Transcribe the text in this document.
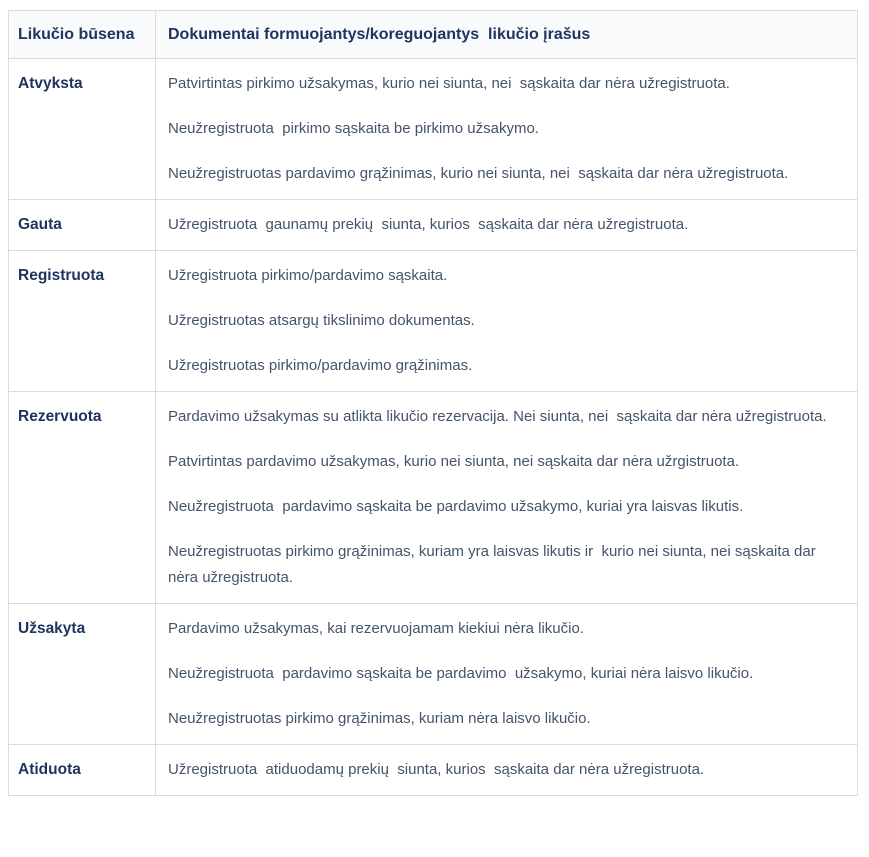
Likučio būsena	Dokumentai formuojantys/koreguojantys  likučio įrašus
Atvyksta	Patvirtintas pirkimo užsakymas, kurio nei siunta, nei  sąskaita dar nėra užregistruota.

Neužregistruota  pirkimo sąskaita be pirkimo užsakymo.

Neužregistruotas pardavimo grąžinimas, kurio nei siunta, nei  sąskaita dar nėra užregistruota.

Gauta	Užregistruota  gaunamų prekių  siunta, kurios  sąskaita dar nėra užregistruota.

Registruota	Užregistruota pirkimo/pardavimo sąskaita.

Užregistruotas atsargų tikslinimo dokumentas.

Užregistruotas pirkimo/pardavimo grąžinimas.

Rezervuota	Pardavimo užsakymas su atlikta likučio rezervacija. Nei siunta, nei  sąskaita dar nėra užregistruota.

Patvirtintas pardavimo užsakymas, kurio nei siunta, nei sąskaita dar nėra užrgistruota.

Neužregistruota  pardavimo sąskaita be pardavimo užsakymo, kuriai yra laisvas likutis.

Neužregistruotas pirkimo grąžinimas, kuriam yra laisvas likutis ir  kurio nei siunta, nei sąskaita dar nėra užregistruota.

Užsakyta	Pardavimo užsakymas, kai rezervuojamam kiekiui nėra likučio.

Neužregistruota  pardavimo sąskaita be pardavimo  užsakymo, kuriai nėra laisvo likučio.

Neužregistruotas pirkimo grąžinimas, kuriam nėra laisvo likučio.

Atiduota	Užregistruota  atiduodamų prekių  siunta, kurios  sąskaita dar nėra užregistruota.
